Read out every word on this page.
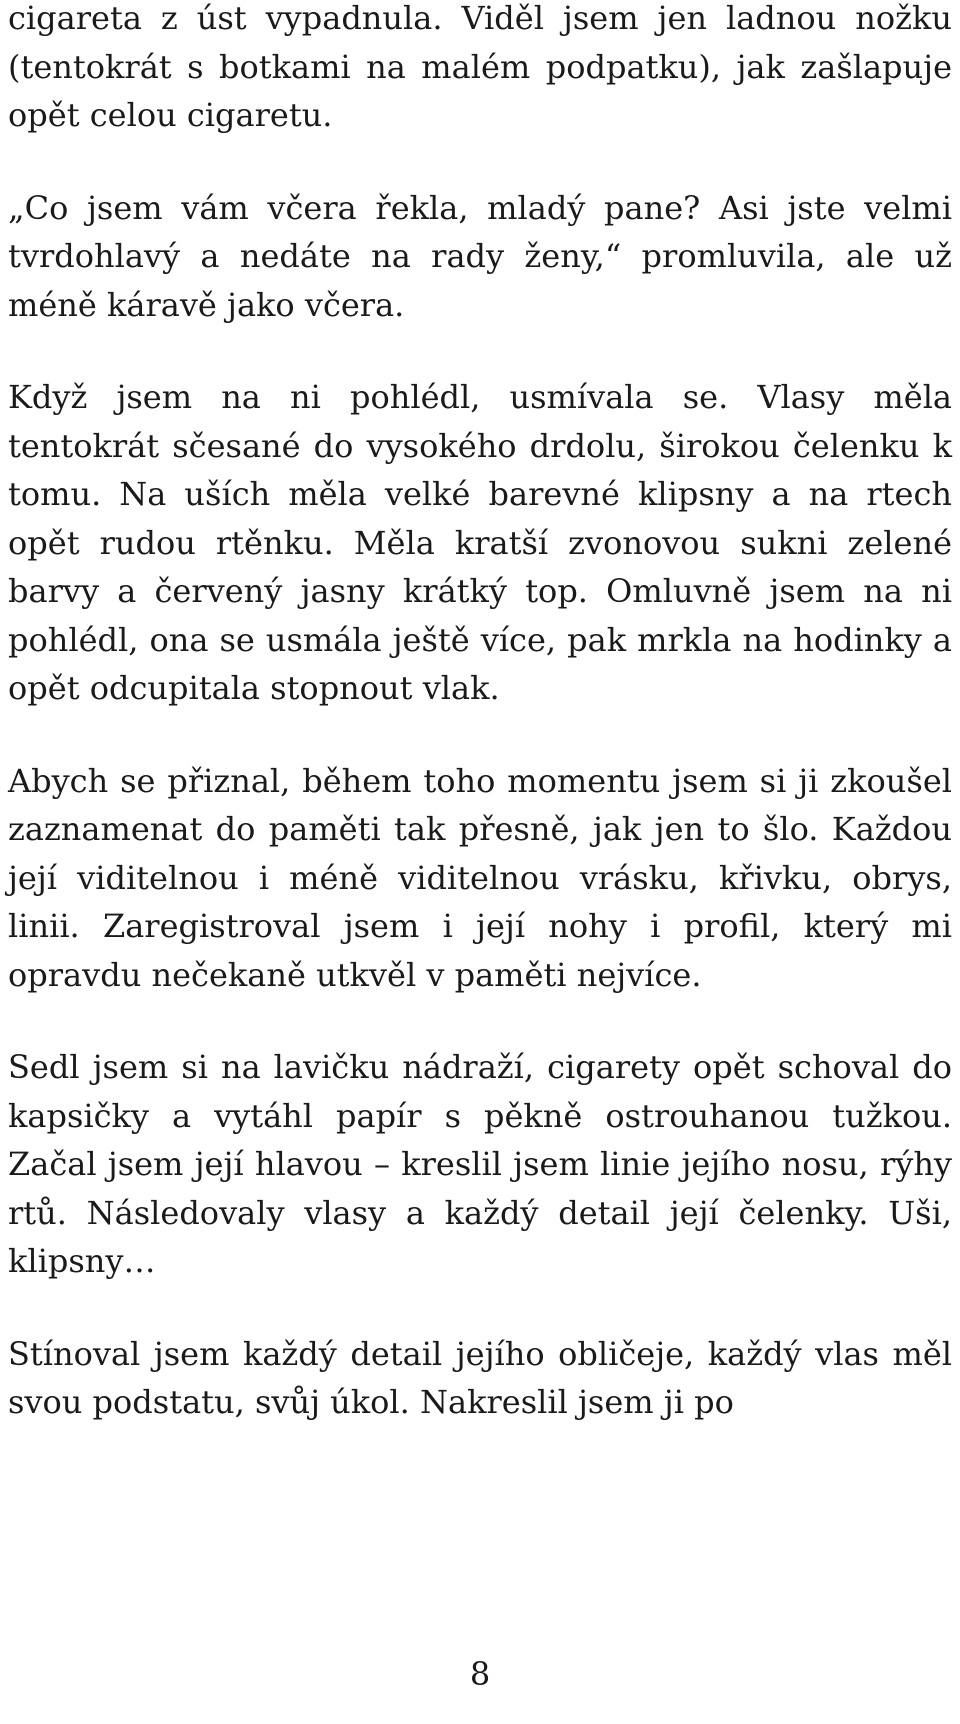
cigareta z úst vypadnula. Viděl jsem jen ladnou nožku (tentokrát s botkami na malém podpatku), jak zašlapuje opět celou cigaretu.

„Co jsem vám včera řekla, mladý pane? Asi jste velmi tvrdohlavý a nedáte na rady ženy,“ promluvila, ale už méně káravě jako včera.

Když jsem na ni pohlédl, usmívala se. Vlasy měla tentokrát sčesané do vysokého drdolu, širokou čelenku k tomu. Na uších měla velké barevné klipsny a na rtech opět rudou rtěnku. Měla kratší zvonovou sukni zelené barvy a červený jasny krátký top. Omluvně jsem na ni pohlédl, ona se usmála ještě více, pak mrkla na hodinky a opět odcupitala stopnout vlak.

Abych se přiznal, během toho momentu jsem si ji zkoušel zaznamenat do paměti tak přesně, jak jen to šlo. Každou její viditelnou i méně viditelnou vrásku, křivku, obrys, linii. Zaregistroval jsem i její nohy i profil, který mi opravdu nečekaně utkvěl v paměti nejvíce.

Sedl jsem si na lavičku nádraží, cigarety opět schoval do kapsičky a vytáhl papír s pěkně ostrouhanou tužkou. Začal jsem její hlavou – kreslil jsem linie jejího nosu, rýhy rtů. Následovaly vlasy a každý detail její čelenky. Uši, klipsny…

Stínoval jsem každý detail jejího obličeje, každý vlas měl svou podstatu, svůj úkol. Nakreslil jsem ji po

8
